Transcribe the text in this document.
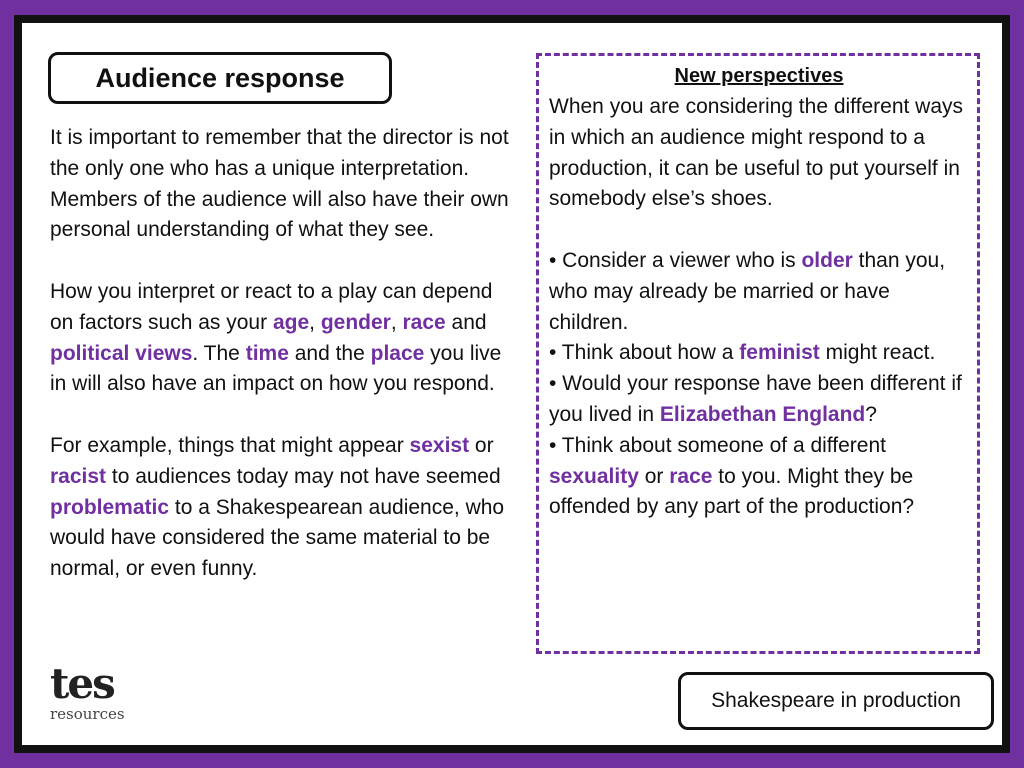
Audience response

It is important to remember that the director is not the only one who has a unique interpretation. Members of the audience will also have their own personal understanding of what they see.

How you interpret or react to a play can depend on factors such as your age, gender, race and political views. The time and the place you live in will also have an impact on how you respond.

For example, things that might appear sexist or racist to audiences today may not have seemed problematic to a Shakespearean audience, who would have considered the same material to be normal, or even funny.

New perspectives

When you are considering the different ways in which an audience might respond to a production, it can be useful to put yourself in somebody else’s shoes.

• Consider a viewer who is older than you, who may already be married or have children.

• Think about how a feminist might react.

• Would your response have been different if you lived in Elizabethan England?

• Think about someone of a different sexuality or race to you. Might they be offended by any part of the production?

tes
resources
Shakespeare in production
